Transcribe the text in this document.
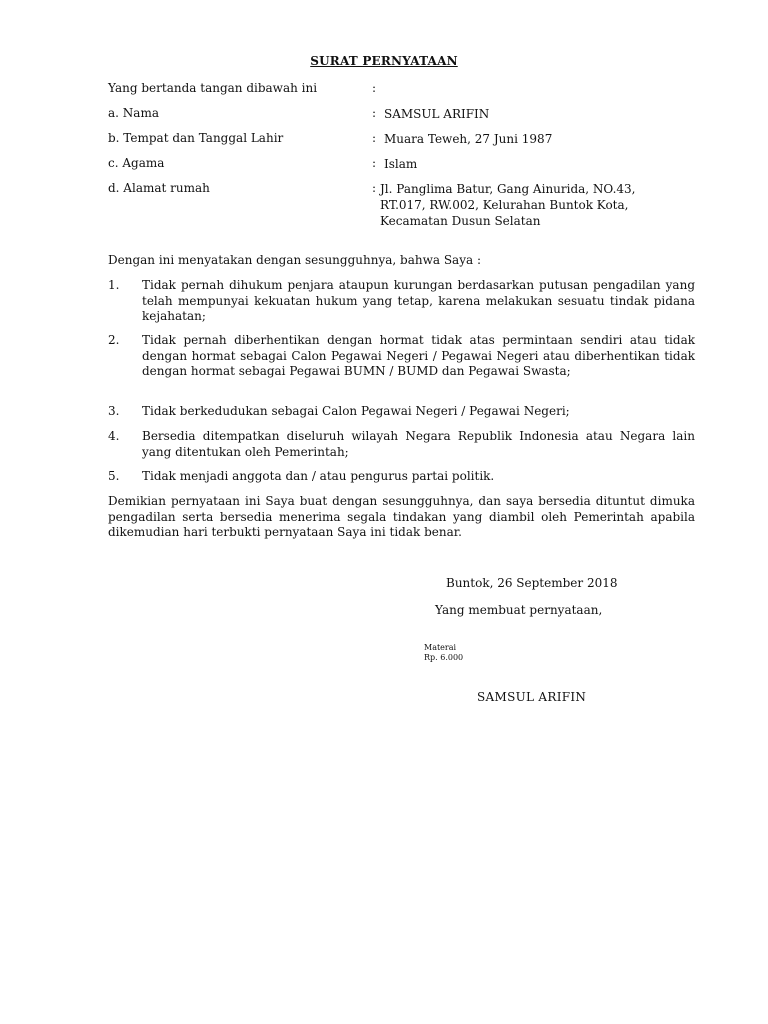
SURAT PERNYATAAN
Yang bertanda tangan dibawah ini	:
a. Nama	: SAMSUL ARIFIN
b. Tempat dan Tanggal Lahir	: Muara Teweh, 27 Juni 1987
c. Agama	: Islam
d. Alamat rumah	: Jl. Panglima Batur, Gang Ainurida, NO.43, RT.017, RW.002, Kelurahan Buntok Kota, Kecamatan Dusun Selatan
Dengan ini menyatakan dengan sesungguhnya, bahwa Saya :
1. Tidak pernah dihukum penjara ataupun kurungan berdasarkan putusan pengadilan yang telah mempunyai kekuatan hukum yang tetap, karena melakukan sesuatu tindak pidana kejahatan;
2. Tidak pernah diberhentikan dengan hormat tidak atas permintaan sendiri atau tidak dengan hormat sebagai Calon Pegawai Negeri / Pegawai Negeri atau diberhentikan tidak dengan hormat sebagai Pegawai BUMN / BUMD dan Pegawai Swasta;
3. Tidak berkedudukan sebagai Calon Pegawai Negeri / Pegawai Negeri;
4. Bersedia ditempatkan diseluruh wilayah Negara Republik Indonesia atau Negara lain yang ditentukan oleh Pemerintah;
5. Tidak menjadi anggota dan / atau pengurus partai politik.
Demikian pernyataan ini Saya buat dengan sesungguhnya, dan saya bersedia dituntut dimuka pengadilan serta bersedia menerima segala tindakan yang diambil oleh Pemerintah apabila dikemudian hari terbukti pernyataan Saya ini tidak benar.
Buntok, 26 September 2018
Yang membuat pernyataan,
Materai
Rp. 6.000
SAMSUL ARIFIN
